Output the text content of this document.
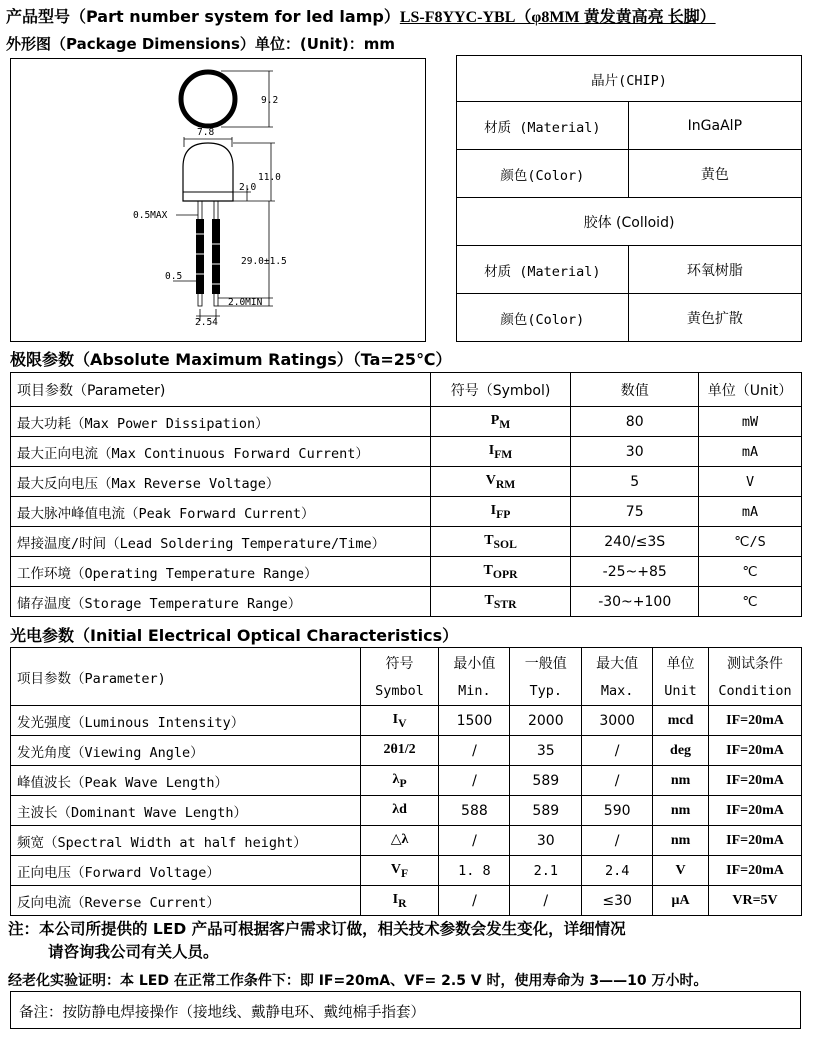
产品型号（Part number system for led lamp）LS-F8YYC-YBL（φ8MM 黄发黄高亮 长脚）
外形图（Package Dimensions）单位：(Unit)：mm
9.2
7.8
11.0
2.0
0.5MAX
0.5
29.0±1.5
2.0MIN
2.54
晶片(CHIP)	
材质 (Material)	InGaAlP
颜色(Color)	黄色
胶体 (Colloid)	
材质 (Material)	环氧树脂
颜色(Color)	黄色扩散
极限参数（Absolute Maximum Ratings）（Ta=25℃）
项目参数（Parameter)	符号（Symbol)	数值	单位（Unit）
最大功耗（Max Power Dissipation）	$P_M$	80	mW
最大正向电流（Max Continuous Forward Current）	$I_{FM}$	30	mA
最大反向电压（Max Reverse Voltage）	$V_{RM}$	5	V
最大脉冲峰值电流（Peak Forward Current）	$I_{FP}$	75	mA
焊接温度/时间（Lead Soldering Temperature/Time）	$T_{SOL}$	240/≤3S	℃/S
工作环境（Operating Temperature Range）	$T_{OPR}$	-25~+85	℃
储存温度（Storage Temperature Range）	$T_{STR}$	-30~+100	℃
光电参数（Initial Electrical Optical Characteristics）
项目参数（Parameter)	符号	最小值	一般值	最大值	单位	测试条件
	Symbol	Min.	Typ.	Max.	Unit	Condition
发光强度（Luminous Intensity）	$I_V$	1500	2000	3000	mcd	IF=20mA
发光角度（Viewing Angle）	2θ1/2	/	35	/	deg	IF=20mA
峰值波长（Peak Wave Length）	$\lambda_P$	/	589	/	nm	IF=20mA
主波长（Dominant Wave Length）	λd	588	589	590	nm	IF=20mA
频宽（Spectral Width at half height）	△λ	/	30	/	nm	IF=20mA
正向电压（Forward Voltage）	$V_F$	1. 8	2.1	2.4	V	IF=20mA
反向电流（Reverse Current）	$I_R$	/	/	≤30	μA	VR=5V
注：本公司所提供的 LED 产品可根据客户需求订做，相关技术参数会发生变化，详细情况
请咨询我公司有关人员。
经老化实验证明：本 LED 在正常工作条件下：即 IF=20mA、VF= 2.5 V 时，使用寿命为 3——10 万小时。
备注：按防静电焊接操作（接地线、戴静电环、戴纯棉手指套）
